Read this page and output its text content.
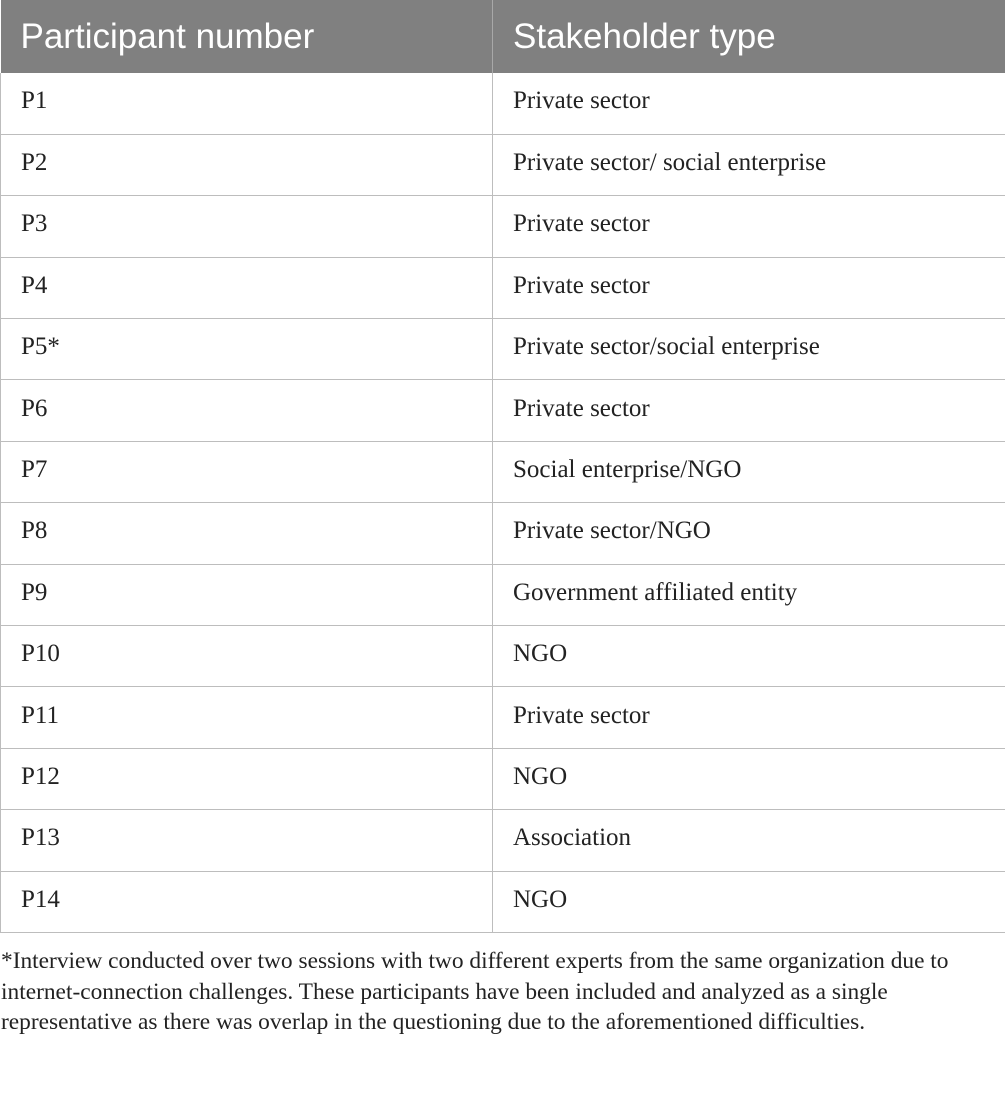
Participant number	Stakeholder type
P1	Private sector
P2	Private sector/ social enterprise
P3	Private sector
P4	Private sector
P5*	Private sector/social enterprise
P6	Private sector
P7	Social enterprise/NGO
P8	Private sector/NGO
P9	Government affiliated entity
P10	NGO
P11	Private sector
P12	NGO
P13	Association
P14	NGO

*Interview conducted over two sessions with two different experts from the same organization due to internet-connection challenges. These participants have been included and analyzed as a single representative as there was overlap in the questioning due to the aforementioned difficulties.
